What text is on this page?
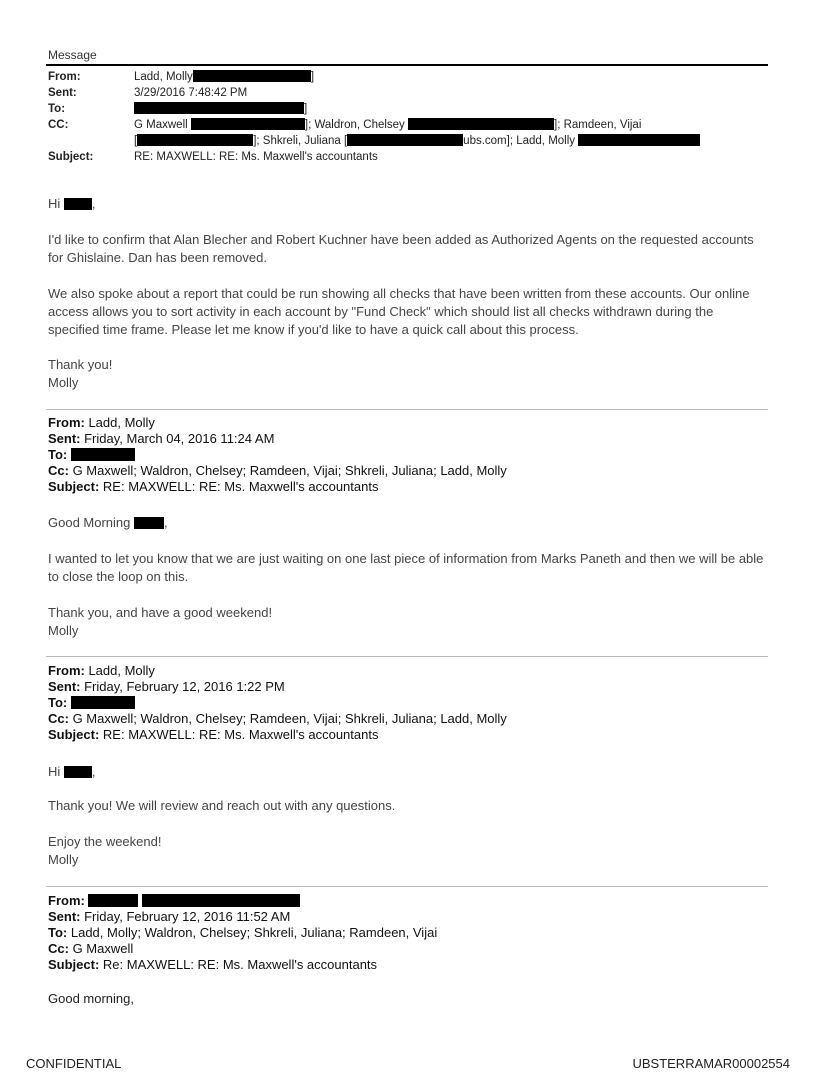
Message
From:	Ladd, Molly	]
Sent:	3/29/2016 7:48:42 PM
To:	]
CC:	G Maxwell	]; Waldron, Chelsey	]; Ramdeen, Vijai
[	]; Shkreli, Juliana [	ubs.com]; Ladd, Molly
Subject:	RE: MAXWELL: RE: Ms. Maxwell's accountants
Hi ,
I'd like to confirm that Alan Blecher and Robert Kuchner have been added as Authorized Agents on the requested accounts for Ghislaine. Dan has been removed.
We also spoke about a report that could be run showing all checks that have been written from these accounts. Our online access allows you to sort activity in each account by "Fund Check" which should list all checks withdrawn during the specified time frame. Please let me know if you'd like to have a quick call about this process.
Thank you!
Molly
From: Ladd, Molly
Sent: Friday, March 04, 2016 11:24 AM
To:
Cc: G Maxwell; Waldron, Chelsey; Ramdeen, Vijai; Shkreli, Juliana; Ladd, Molly
Subject: RE: MAXWELL: RE: Ms. Maxwell's accountants
Good Morning	,
I wanted to let you know that we are just waiting on one last piece of information from Marks Paneth and then we will be able to close the loop on this.
Thank you, and have a good weekend!
Molly
From: Ladd, Molly
Sent: Friday, February 12, 2016 1:22 PM
To:
Cc: G Maxwell; Waldron, Chelsey; Ramdeen, Vijai; Shkreli, Juliana; Ladd, Molly
Subject: RE: MAXWELL: RE: Ms. Maxwell's accountants
Hi ,
Thank you! We will review and reach out with any questions.
Enjoy the weekend!
Molly
From:
Sent: Friday, February 12, 2016 11:52 AM
To: Ladd, Molly; Waldron, Chelsey; Shkreli, Juliana; Ramdeen, Vijai
Cc: G Maxwell
Subject: Re: MAXWELL: RE: Ms. Maxwell's accountants
Good morning,
CONFIDENTIAL	UBSTERRAMAR00002554
